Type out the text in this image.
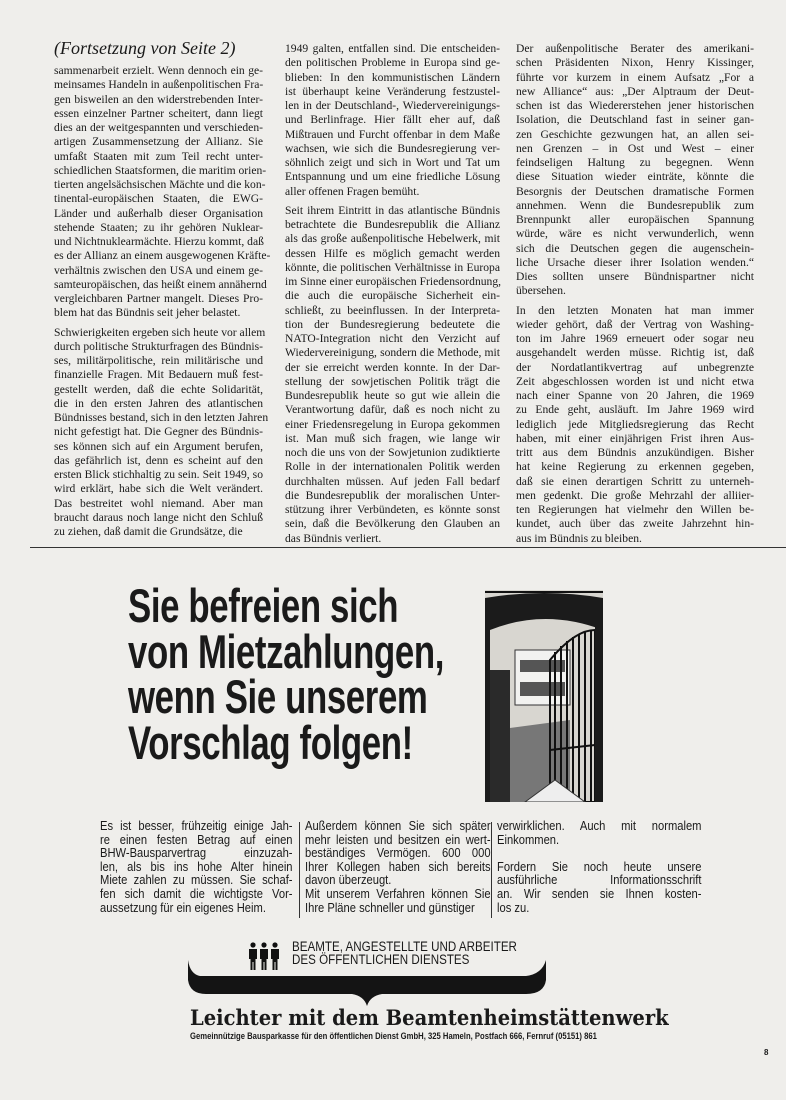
(Fortsetzung von Seite 2)
sammenarbeit erzielt. Wenn dennoch ein ge-
meinsames Handeln in außenpolitischen Fra-
gen bisweilen an den widerstrebenden Inter-
essen einzelner Partner scheitert, dann liegt
dies an der weitgespannten und verschieden-
artigen Zusammensetzung der Allianz. Sie
umfaßt Staaten mit zum Teil recht unter-
schiedlichen Staatsformen, die maritim orien-
tierten angelsächsischen Mächte und die kon-
tinental-europäischen Staaten, die EWG-
Länder und außerhalb dieser Organisation
stehende Staaten; zu ihr gehören Nuklear-
und Nichtnuklearmächte. Hierzu kommt, daß
es der Allianz an einem ausgewogenen Kräfte-
verhältnis zwischen den USA und einem ge-
samteuropäischen, das heißt einem annähernd
vergleichbaren Partner mangelt. Dieses Pro-
blem hat das Bündnis seit jeher belastet.
Schwierigkeiten ergeben sich heute vor allem
durch politische Strukturfragen des Bündnis-
ses, militärpolitische, rein militärische und
finanzielle Fragen. Mit Bedauern muß fest-
gestellt werden, daß die echte Solidarität,
die in den ersten Jahren des atlantischen
Bündnisses bestand, sich in den letzten Jahren
nicht gefestigt hat. Die Gegner des Bündnis-
ses können sich auf ein Argument berufen,
das gefährlich ist, denn es scheint auf den
ersten Blick stichhaltig zu sein. Seit 1949, so
wird erklärt, habe sich die Welt verändert.
Das bestreitet wohl niemand. Aber man
braucht daraus noch lange nicht den Schluß
zu ziehen, daß damit die Grundsätze, die
1949 galten, entfallen sind. Die entscheiden-
den politischen Probleme in Europa sind ge-
blieben: In den kommunistischen Ländern
ist überhaupt keine Veränderung festzustel-
len in der Deutschland-, Wiedervereinigungs-
und Berlinfrage. Hier fällt eher auf, daß
Mißtrauen und Furcht offenbar in dem Maße
wachsen, wie sich die Bundesregierung ver-
söhnlich zeigt und sich in Wort und Tat um
Entspannung und um eine friedliche Lösung
aller offenen Fragen bemüht.
Seit ihrem Eintritt in das atlantische Bündnis
betrachtete die Bundesrepublik die Allianz
als das große außenpolitische Hebelwerk, mit
dessen Hilfe es möglich gemacht werden
könnte, die politischen Verhältnisse in Europa
im Sinne einer europäischen Friedensordnung,
die auch die europäische Sicherheit ein-
schließt, zu beeinflussen. In der Interpreta-
tion der Bundesregierung bedeutete die
NATO-Integration nicht den Verzicht auf
Wiedervereinigung, sondern die Methode, mit
der sie erreicht werden konnte. In der Dar-
stellung der sowjetischen Politik trägt die
Bundesrepublik heute so gut wie allein die
Verantwortung dafür, daß es noch nicht zu
einer Friedensregelung in Europa gekommen
ist. Man muß sich fragen, wie lange wir
noch die uns von der Sowjetunion zudiktierte
Rolle in der internationalen Politik werden
durchhalten müssen. Auf jeden Fall bedarf
die Bundesrepublik der moralischen Unter-
stützung ihrer Verbündeten, es könnte sonst
sein, daß die Bevölkerung den Glauben an
das Bündnis verliert.
Der außenpolitische Berater des amerikani-
schen Präsidenten Nixon, Henry Kissinger,
führte vor kurzem in einem Aufsatz „For a
new Alliance“ aus: „Der Alptraum der Deut-
schen ist das Wiedererstehen jener historischen
Isolation, die Deutschland fast in seiner gan-
zen Geschichte gezwungen hat, an allen sei-
nen Grenzen – in Ost und West – einer
feindseligen Haltung zu begegnen. Wenn
diese Situation wieder einträte, könnte die
Besorgnis der Deutschen dramatische Formen
annehmen. Wenn die Bundesrepublik zum
Brennpunkt aller europäischen Spannung
würde, wäre es nicht verwunderlich, wenn
sich die Deutschen gegen die augenschein-
liche Ursache dieser ihrer Isolation wenden.“
Dies sollten unsere Bündnispartner nicht
übersehen.
In den letzten Monaten hat man immer
wieder gehört, daß der Vertrag von Washing-
ton im Jahre 1969 erneuert oder sogar neu
ausgehandelt werden müsse. Richtig ist, daß
der Nordatlantikvertrag auf unbegrenzte
Zeit abgeschlossen worden ist und nicht etwa
nach einer Spanne von 20 Jahren, die 1969
zu Ende geht, ausläuft. Im Jahre 1969 wird
lediglich jede Mitgliedsregierung das Recht
haben, mit einer einjährigen Frist ihren Aus-
tritt aus dem Bündnis anzukündigen. Bisher
hat keine Regierung zu erkennen gegeben,
daß sie einen derartigen Schritt zu unterneh-
men gedenkt. Die große Mehrzahl der alliier-
ten Regierungen hat vielmehr den Willen be-
kundet, auch über das zweite Jahrzehnt hin-
aus im Bündnis zu bleiben.
Sie befreien sich
von Mietzahlungen,
wenn Sie unserem
Vorschlag folgen!
Es ist besser, frühzeitig einige Jah-
re einen festen Betrag auf einen
BHW-Bausparvertrag einzuzah-
len, als bis ins hohe Alter hinein
Miete zahlen zu müssen. Sie schaf-
fen sich damit die wichtigste Vor-
aussetzung für ein eigenes Heim.
Außerdem können Sie sich später
mehr leisten und besitzen ein wert-
beständiges Vermögen. 600 000
Ihrer Kollegen haben sich bereits
davon überzeugt.
Mit unserem Verfahren können Sie
Ihre Pläne schneller und günstiger
verwirklichen. Auch mit normalem
Einkommen.
Fordern Sie noch heute unsere
ausführliche Informationsschrift
an. Wir senden sie Ihnen kosten-
los zu.
BEAMTE, ANGESTELLTE UND ARBEITER
DES ÖFFENTLICHEN DIENSTES
Leichter mit dem Beamtenheimstättenwerk
Gemeinnützige Bausparkasse für den öffentlichen Dienst GmbH, 325 Hameln, Postfach 666, Fernruf (05151) 861
8
